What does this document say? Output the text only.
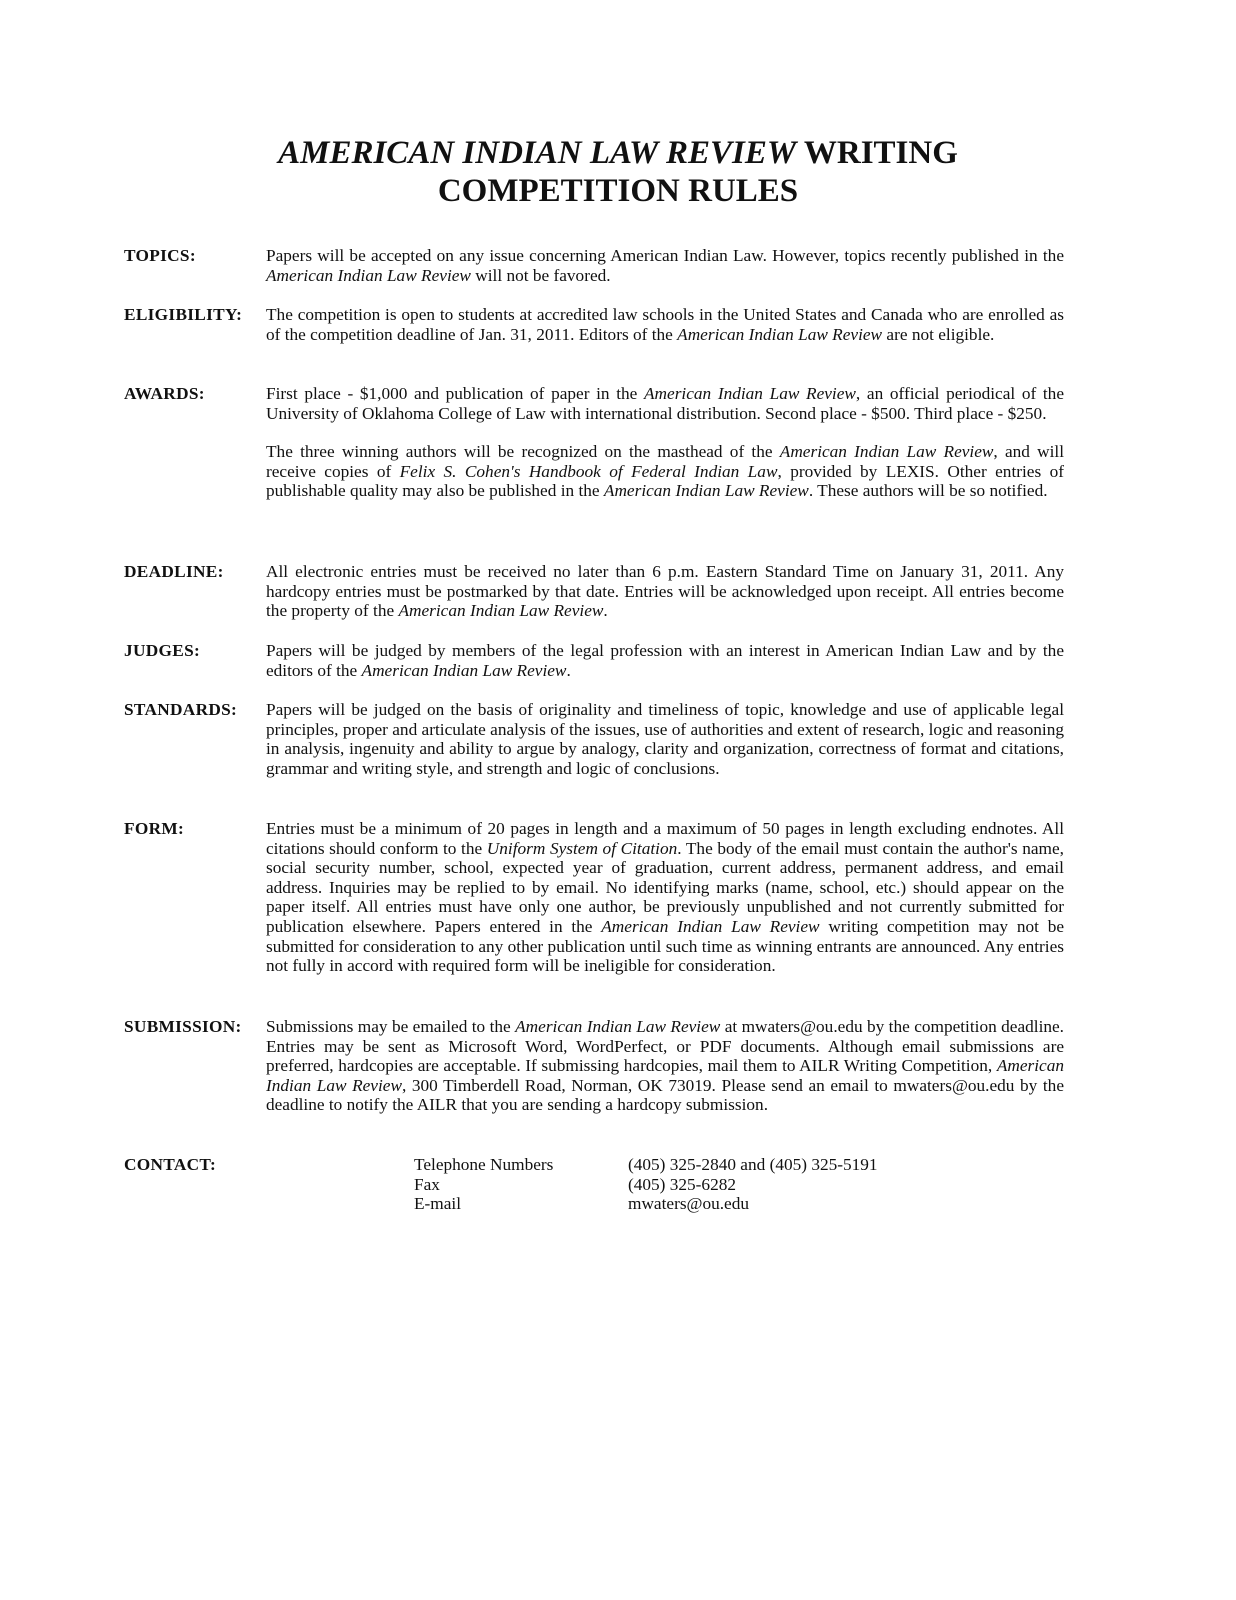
AMERICAN INDIAN LAW REVIEW WRITING
COMPETITION RULES
TOPICS:	Papers will be accepted on any issue concerning American Indian Law. However, topics recently published in the American Indian Law Review will not be favored.

ELIGIBILITY: The competition is open to students at accredited law schools in the United States and Canada who are enrolled as of the competition deadline of Jan. 31, 2011. Editors of the American Indian Law Review are not eligible.

AWARDS:	First place - $1,000 and publication of paper in the American Indian Law Review, an official periodical of the University of Oklahoma College of Law with international distribution. Second place - $500. Third place - $250.

The three winning authors will be recognized on the masthead of the American Indian Law Review, and will receive copies of Felix S. Cohen's Handbook of Federal Indian Law, provided by LEXIS. Other entries of publishable quality may also be published in the American Indian Law Review. These authors will be so notified.

DEADLINE: All electronic entries must be received no later than 6 p.m. Eastern Standard Time on January 31, 2011. Any hardcopy entries must be postmarked by that date. Entries will be acknowledged upon receipt. All entries become the property of the American Indian Law Review.

JUDGES:	Papers will be judged by members of the legal profession with an interest in American Indian Law and by the editors of the American Indian Law Review.

STANDARDS: Papers will be judged on the basis of originality and timeliness of topic, knowledge and use of applicable legal principles, proper and articulate analysis of the issues, use of authorities and extent of research, logic and reasoning in analysis, ingenuity and ability to argue by analogy, clarity and organization, correctness of format and citations, grammar and writing style, and strength and logic of conclusions.

FORM:	Entries must be a minimum of 20 pages in length and a maximum of 50 pages in length excluding endnotes. All citations should conform to the Uniform System of Citation. The body of the email must contain the author's name, social security number, school, expected year of graduation, current address, permanent address, and email address. Inquiries may be replied to by email. No identifying marks (name, school, etc.) should appear on the paper itself. All entries must have only one author, be previously unpublished and not currently submitted for publication elsewhere. Papers entered in the American Indian Law Review writing competition may not be submitted for consideration to any other publication until such time as winning entrants are announced. Any entries not fully in accord with required form will be ineligible for consideration.

SUBMISSION: Submissions may be emailed to the American Indian Law Review at mwaters@ou.edu by the competition deadline. Entries may be sent as Microsoft Word, WordPerfect, or PDF documents. Although email submissions are preferred, hardcopies are acceptable. If submissing hardcopies, mail them to AILR Writing Competition, American Indian Law Review, 300 Timberdell Road, Norman, OK 73019. Please send an email to mwaters@ou.edu by the deadline to notify the AILR that you are sending a hardcopy submission.

CONTACT:	Telephone Numbers	(405) 325-2840 and (405) 325-5191
Fax	(405) 325-6282
E-mail	mwaters@ou.edu
